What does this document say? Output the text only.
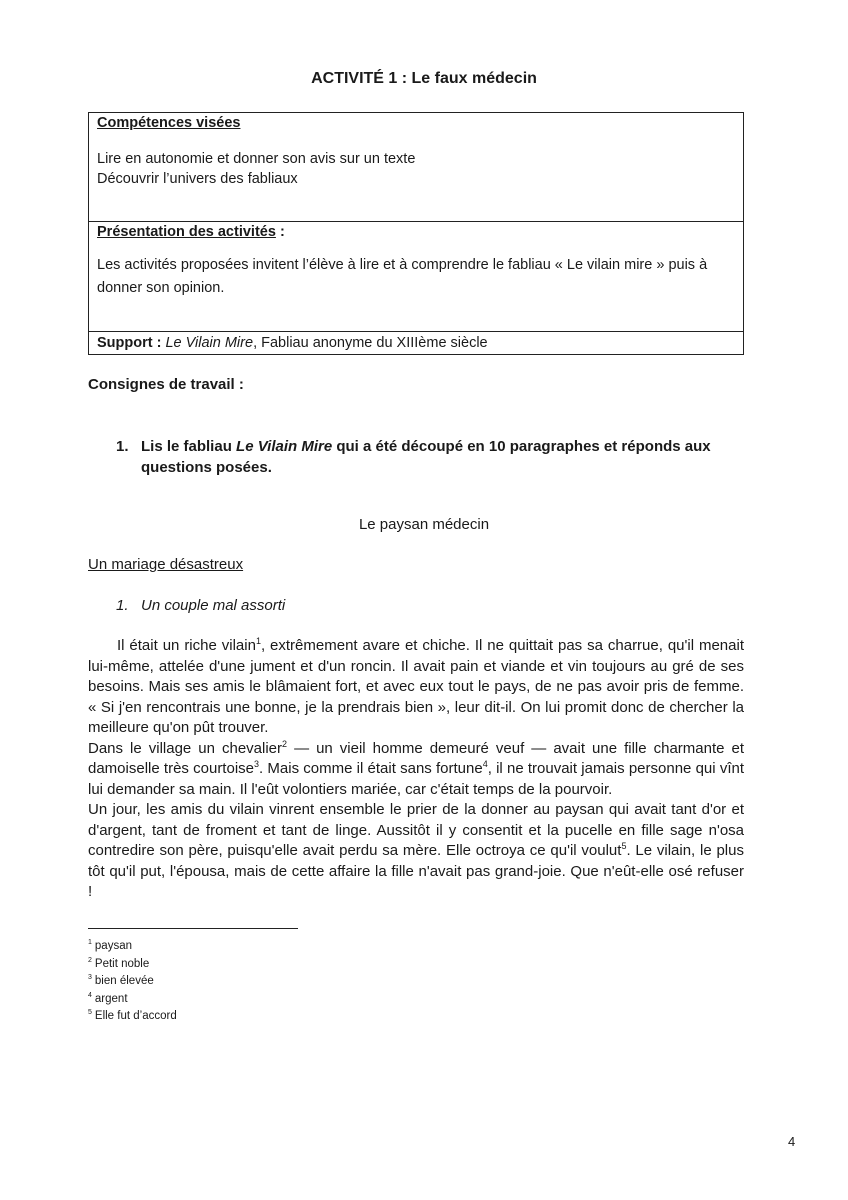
ACTIVITÉ 1 : Le faux médecin
Compétences visées

Lire en autonomie et donner son avis sur un texte

Découvrir l’univers des fabliaux

Présentation des activités :

Les activités proposées invitent l’élève à lire et à comprendre le fabliau « Le vilain mire » puis à donner son opinion.

Support : Le Vilain Mire, Fabliau anonyme du XIIIème siècle
Consignes de travail :
1. Lis le fabliau Le Vilain Mire qui a été découpé en 10 paragraphes et réponds aux questions posées.
Le paysan médecin
Un mariage désastreux
1. Un couple mal assorti

Il était un riche vilain$^1$, extrêmement avare et chiche. Il ne quittait pas sa charrue, qu'il menait lui-même, attelée d'une jument et d'un roncin. Il avait pain et viande et vin toujours au gré de ses besoins. Mais ses amis le blâmaient fort, et avec eux tout le pays, de ne pas avoir pris de femme. « Si j'en rencontrais une bonne, je la prendrais bien », leur dit-il. On lui promit donc de chercher la meilleure qu'on pût trouver.

Dans le village un chevalier$^2$ — un vieil homme demeuré veuf — avait une fille charmante et damoiselle très courtoise$^3$. Mais comme il était sans fortune$^4$, il ne trouvait jamais personne qui vînt lui demander sa main. Il l'eût volontiers mariée, car c'était temps de la pourvoir.

Un jour, les amis du vilain vinrent ensemble le prier de la donner au paysan qui avait tant d'or et d'argent, tant de froment et tant de linge. Aussitôt il y consentit et la pucelle en fille sage n'osa contredire son père, puisqu'elle avait perdu sa mère. Elle octroya ce qu'il voulut$^5$. Le vilain, le plus tôt qu'il put, l'épousa, mais de cette affaire la fille n'avait pas grand-joie. Que n'eût-elle osé refuser !

$^1$ paysan
$^2$ Petit noble
$^3$ bien élevée
$^4$ argent
$^5$ Elle fut d’accord
4
